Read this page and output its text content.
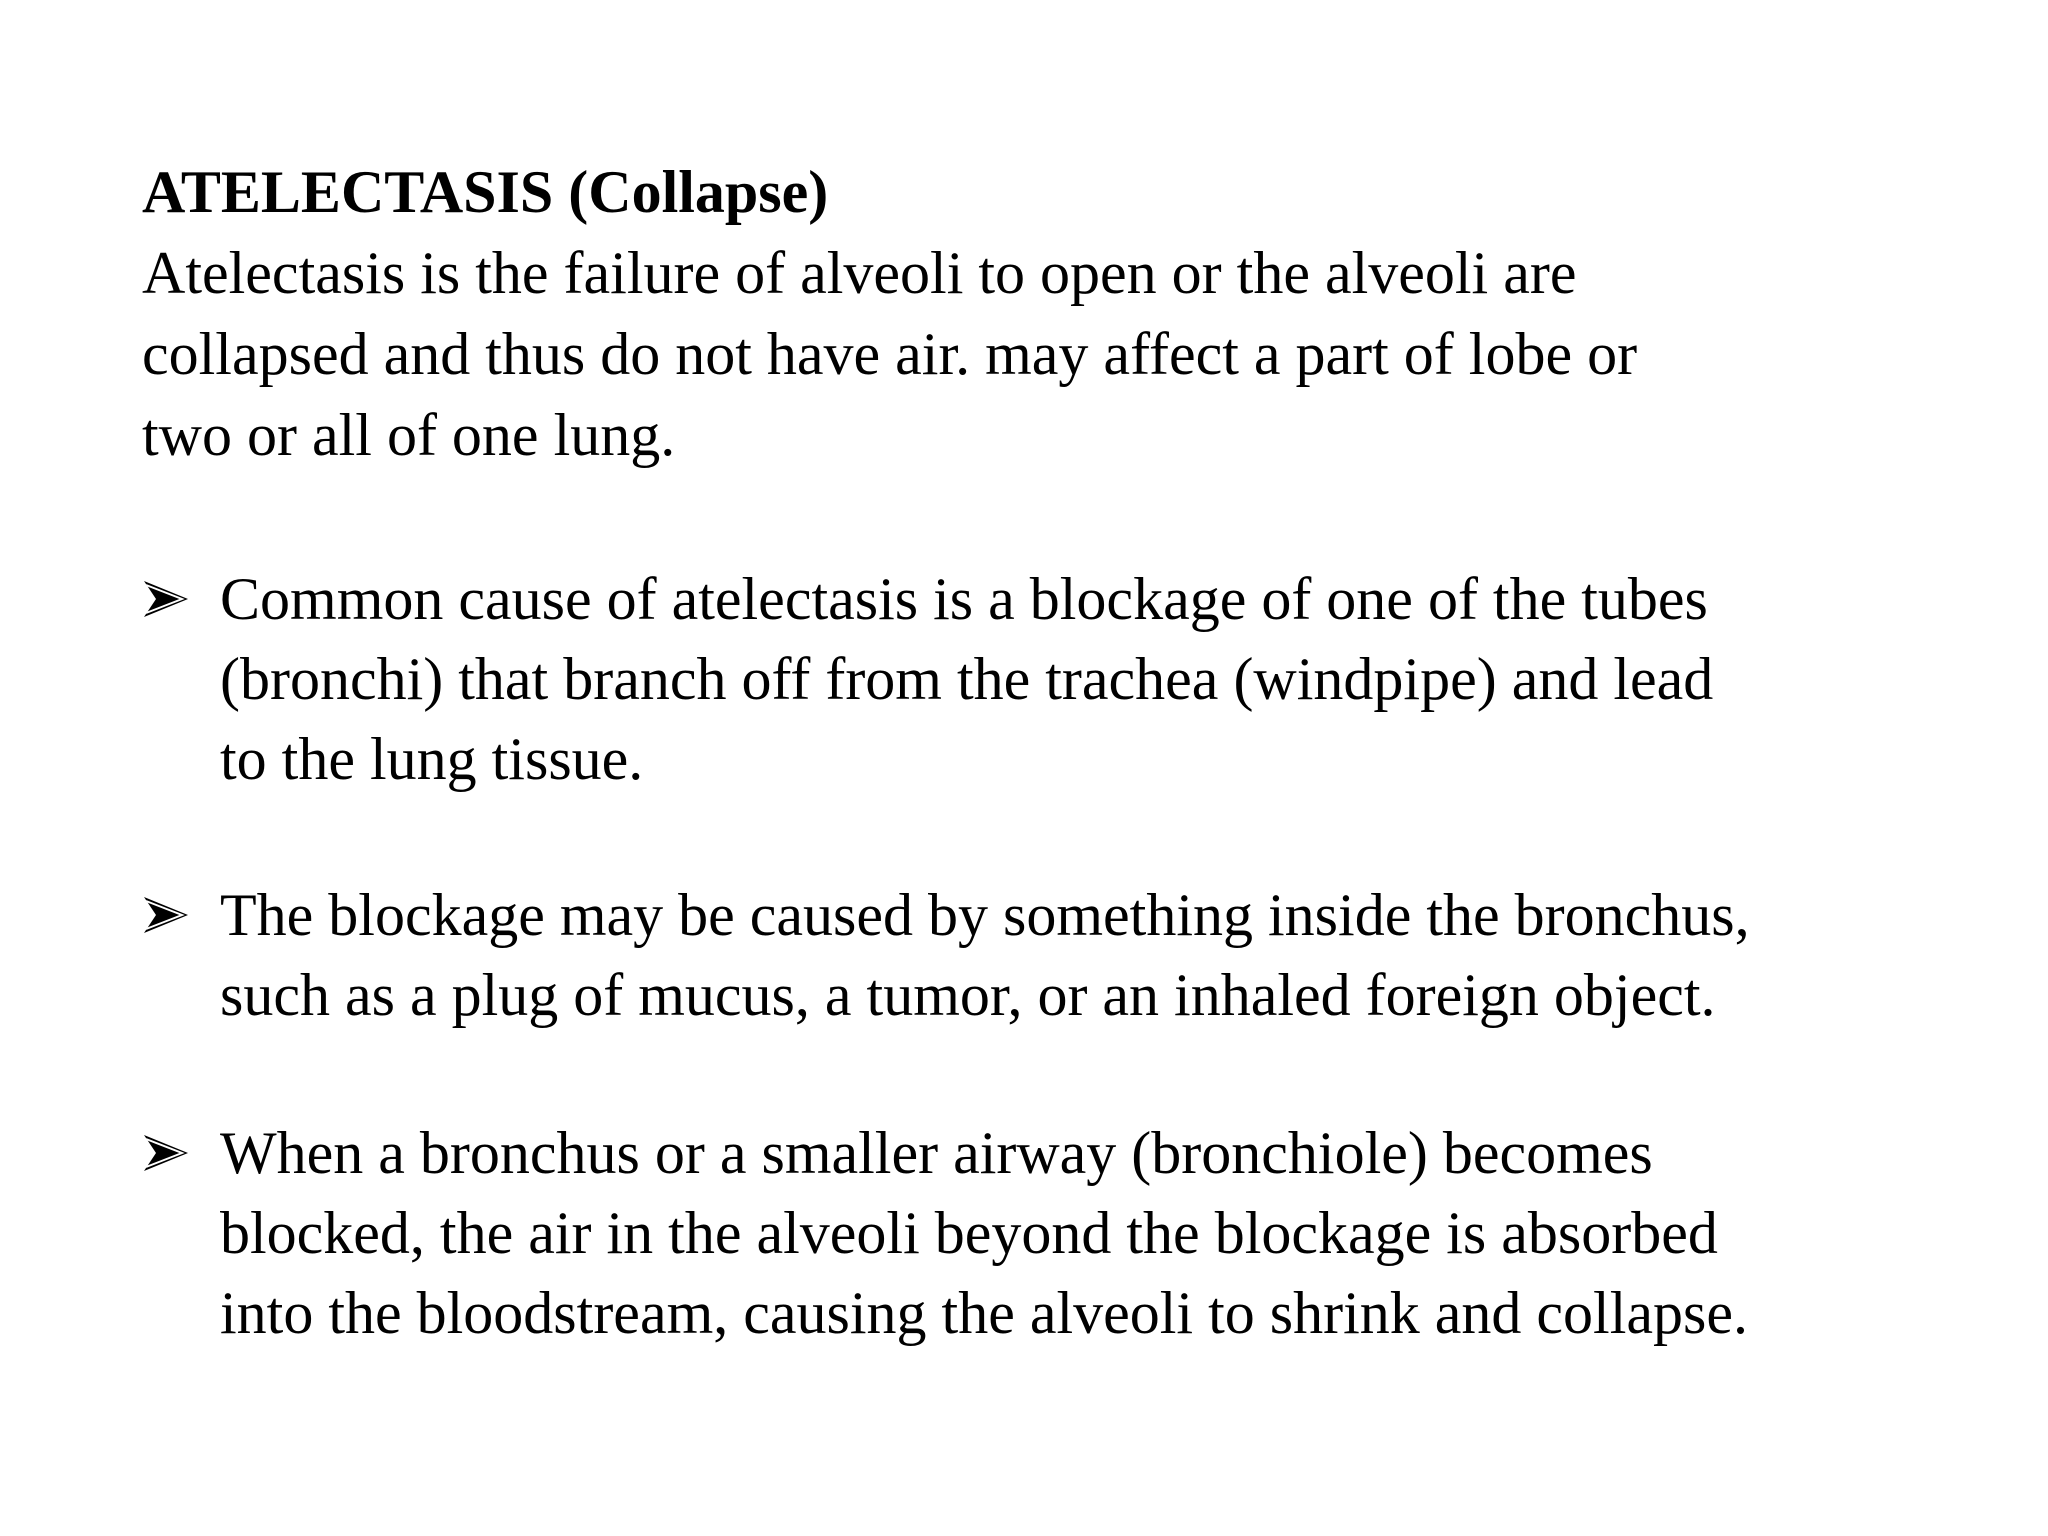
ATELECTASIS (Collapse)

Atelectasis is the failure of alveoli to open or the alveoli are
collapsed and thus do not have air. may affect a part of lobe or
two or all of one lung.

Common cause of atelectasis is a blockage of one of the tubes
(bronchi) that branch off from the trachea (windpipe) and lead
to the lung tissue.
The blockage may be caused by something inside the bronchus,
such as a plug of mucus, a tumor, or an inhaled foreign object.
When a bronchus or a smaller airway (bronchiole) becomes
blocked, the air in the alveoli beyond the blockage is absorbed
into the bloodstream, causing the alveoli to shrink and collapse.
